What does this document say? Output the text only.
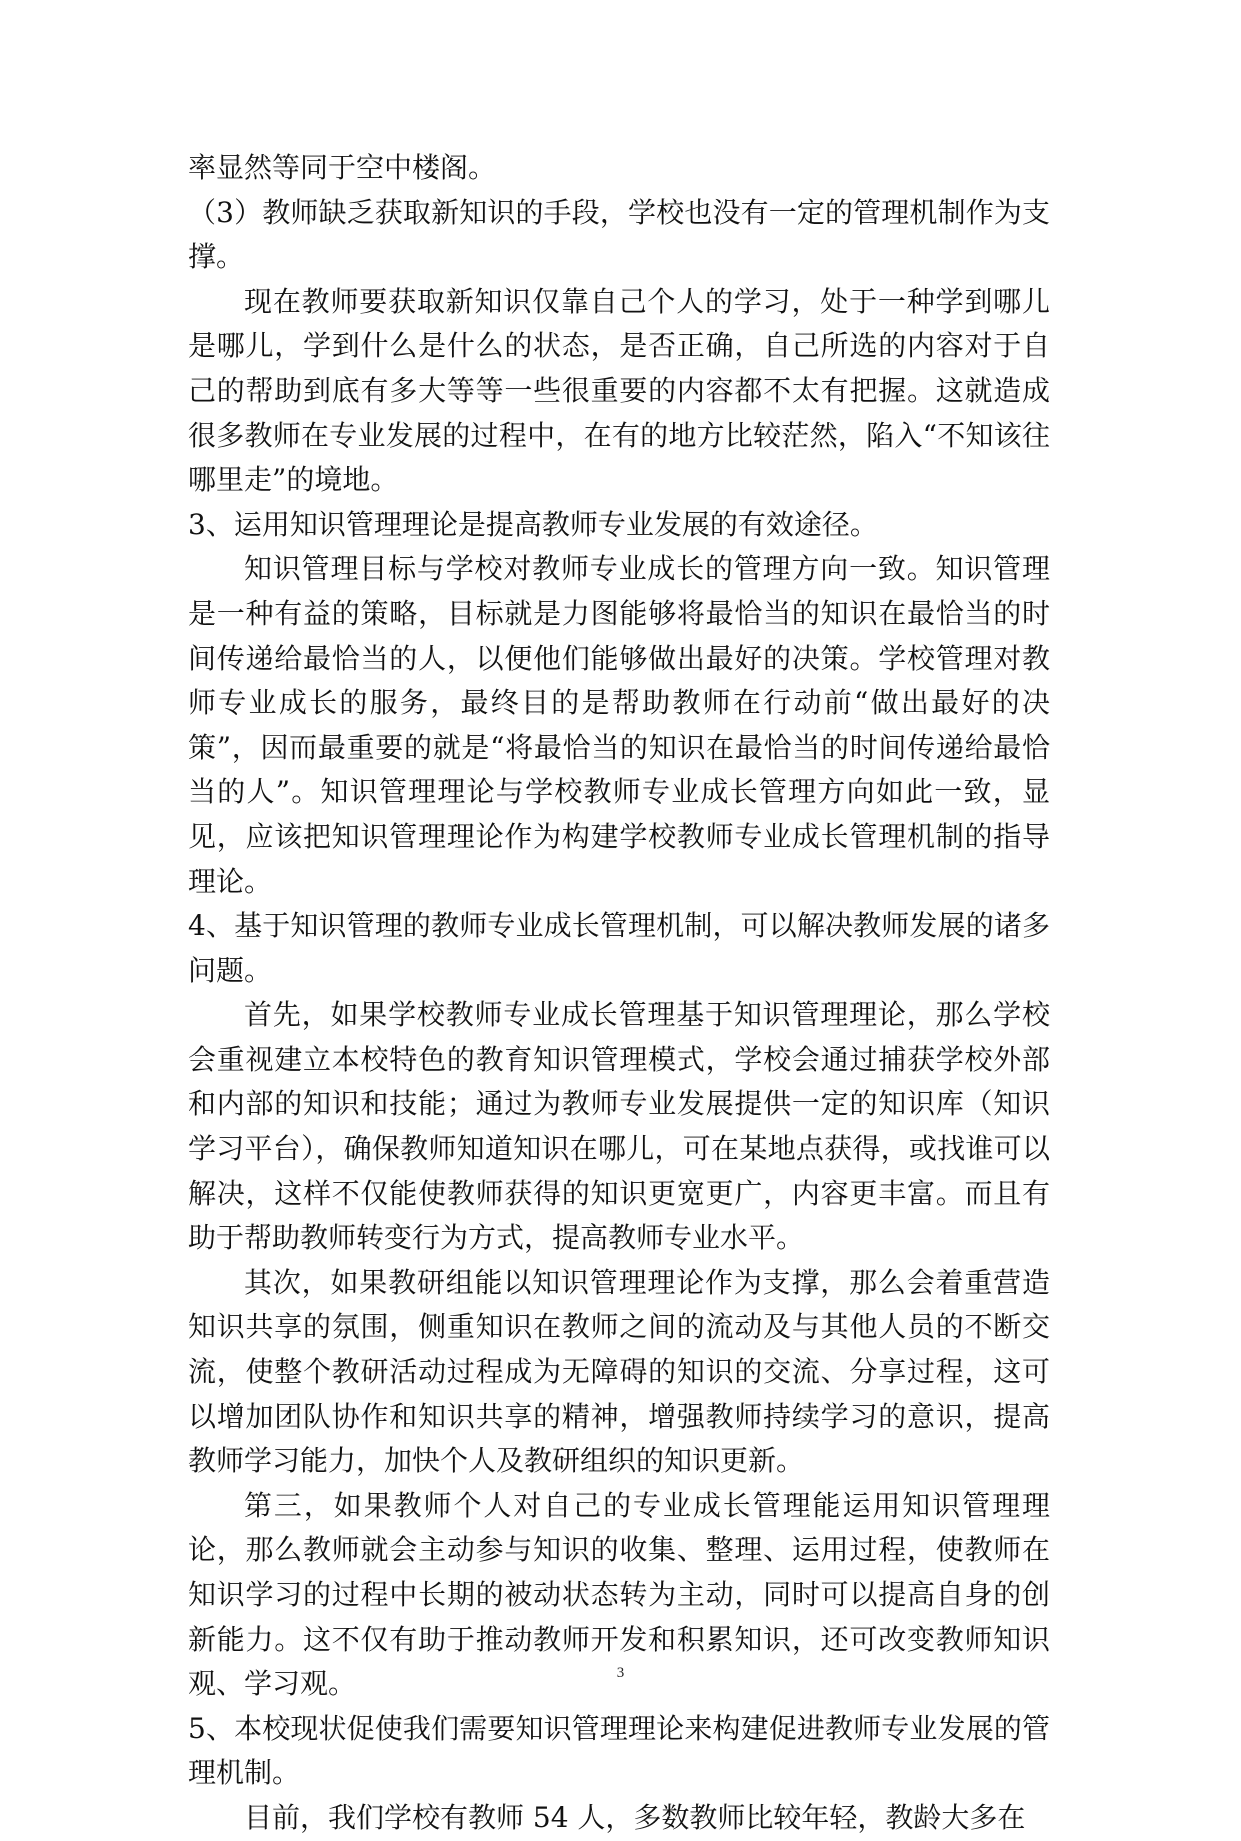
率显然等同于空中楼阁。

（3）教师缺乏获取新知识的手段，学校也没有一定的管理机制作为支撑。

现在教师要获取新知识仅靠自己个人的学习，处于一种学到哪儿是哪儿，学到什么是什么的状态，是否正确，自己所选的内容对于自己的帮助到底有多大等等一些很重要的内容都不太有把握。这就造成很多教师在专业发展的过程中，在有的地方比较茫然，陷入“不知该往哪里走”的境地。

3、运用知识管理理论是提高教师专业发展的有效途径。

知识管理目标与学校对教师专业成长的管理方向一致。知识管理是一种有益的策略，目标就是力图能够将最恰当的知识在最恰当的时间传递给最恰当的人，以便他们能够做出最好的决策。学校管理对教师专业成长的服务，最终目的是帮助教师在行动前“做出最好的决策”，因而最重要的就是“将最恰当的知识在最恰当的时间传递给最恰当的人”。知识管理理论与学校教师专业成长管理方向如此一致，显见，应该把知识管理理论作为构建学校教师专业成长管理机制的指导理论。

4、基于知识管理的教师专业成长管理机制，可以解决教师发展的诸多问题。

首先，如果学校教师专业成长管理基于知识管理理论，那么学校会重视建立本校特色的教育知识管理模式，学校会通过捕获学校外部和内部的知识和技能；通过为教师专业发展提供一定的知识库（知识学习平台），确保教师知道知识在哪儿，可在某地点获得，或找谁可以解决，这样不仅能使教师获得的知识更宽更广，内容更丰富。而且有助于帮助教师转变行为方式，提高教师专业水平。

其次，如果教研组能以知识管理理论作为支撑，那么会着重营造知识共享的氛围，侧重知识在教师之间的流动及与其他人员的不断交流，使整个教研活动过程成为无障碍的知识的交流、分享过程，这可以增加团队协作和知识共享的精神，增强教师持续学习的意识，提高教师学习能力，加快个人及教研组织的知识更新。

第三，如果教师个人对自己的专业成长管理能运用知识管理理论，那么教师就会主动参与知识的收集、整理、运用过程，使教师在知识学习的过程中长期的被动状态转为主动，同时可以提高自身的创新能力。这不仅有助于推动教师开发和积累知识，还可改变教师知识观、学习观。

5、本校现状促使我们需要知识管理理论来构建促进教师专业发展的管理机制。

目前，我们学校有教师 54 人，多数教师比较年轻，教龄大多在

3
